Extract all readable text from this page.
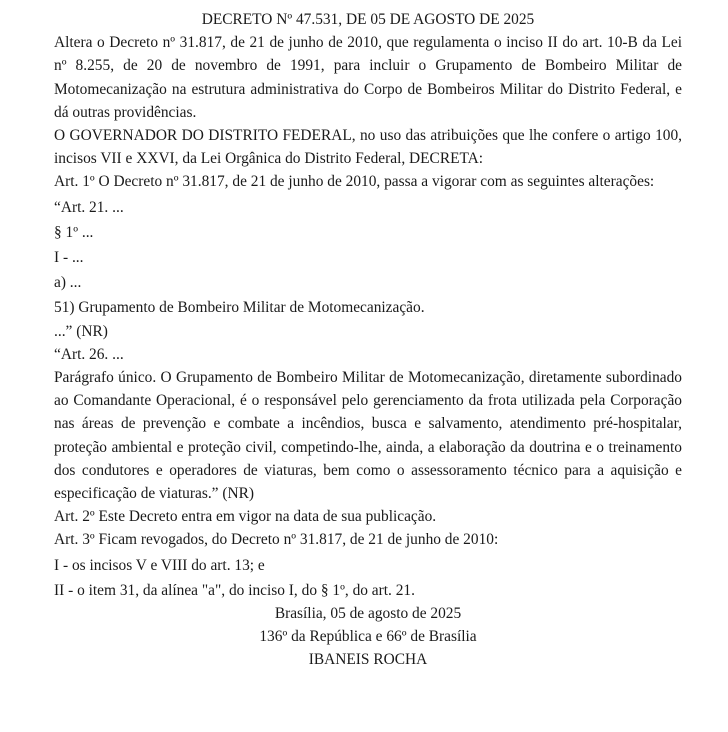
DECRETO Nº 47.531, DE 05 DE AGOSTO DE 2025

Altera o Decreto nº 31.817, de 21 de junho de 2010, que regulamenta o inciso II do art. 10-B da Lei nº 8.255, de 20 de novembro de 1991, para incluir o Grupamento de Bombeiro Militar de Motomecanização na estrutura administrativa do Corpo de Bombeiros Militar do Distrito Federal, e dá outras providências.

O GOVERNADOR DO DISTRITO FEDERAL, no uso das atribuições que lhe confere o artigo 100, incisos VII e XXVI, da Lei Orgânica do Distrito Federal, DECRETA:

Art. 1º O Decreto nº 31.817, de 21 de junho de 2010, passa a vigorar com as seguintes alterações:

“Art. 21. ...

§ 1º ...

I - ...

a) ...

51) Grupamento de Bombeiro Militar de Motomecanização.

...” (NR)

“Art. 26. ...

Parágrafo único. O Grupamento de Bombeiro Militar de Motomecanização, diretamente subordinado ao Comandante Operacional, é o responsável pelo gerenciamento da frota utilizada pela Corporação nas áreas de prevenção e combate a incêndios, busca e salvamento, atendimento pré-hospitalar, proteção ambiental e proteção civil, competindo-lhe, ainda, a elaboração da doutrina e o treinamento dos condutores e operadores de viaturas, bem como o assessoramento técnico para a aquisição e especificação de viaturas.” (NR)

Art. 2º Este Decreto entra em vigor na data de sua publicação.

Art. 3º Ficam revogados, do Decreto nº 31.817, de 21 de junho de 2010:

I - os incisos V e VIII do art. 13; e

II - o item 31, da alínea "a", do inciso I, do § 1º, do art. 21.

Brasília, 05 de agosto de 2025

136º da República e 66º de Brasília

IBANEIS ROCHA
